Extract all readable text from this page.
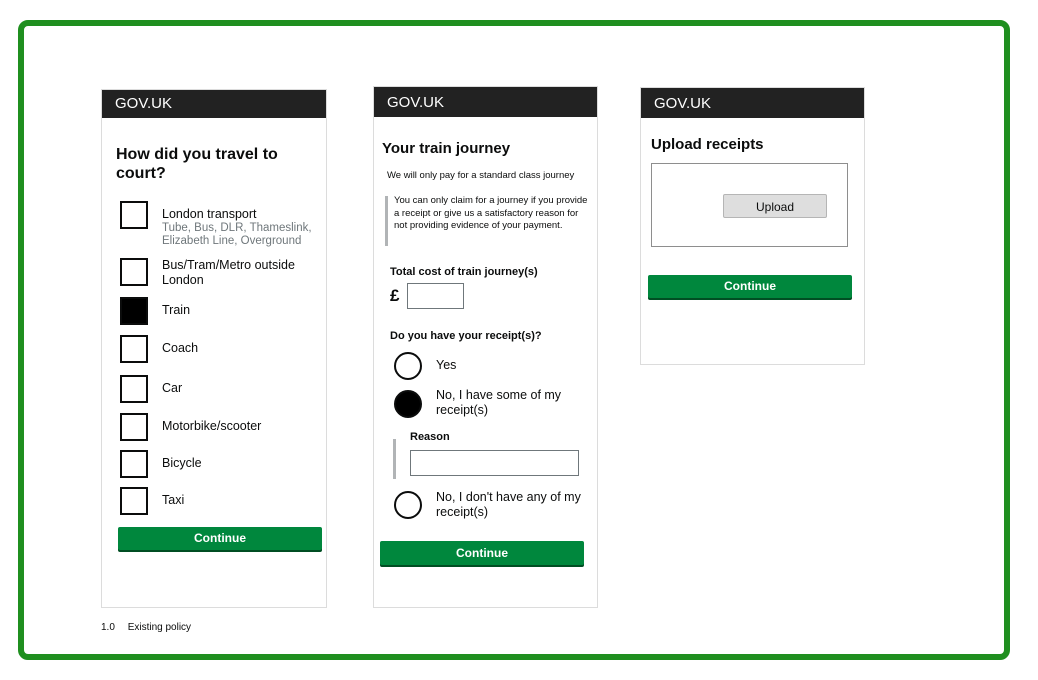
GOV.UK
How did you travel to court?
London transport
Tube, Bus, DLR, Thameslink, Elizabeth Line, Overground
Bus/Tram/Metro outside London
Train
Coach
Car
Motorbike/scooter
Bicycle
Taxi
Continue
GOV.UK
Your train journey
We will only pay for a standard class journey
You can only claim for a journey if you provide a receipt or give us a satisfactory reason for not providing evidence of your payment.
Total cost of train journey(s)
£
Do you have your receipt(s)?
Yes
No, I have some of my receipt(s)
Reason
No, I don't have any of my receipt(s)
Continue
GOV.UK
Upload receipts
Upload
Continue
1.0 Existing policy
